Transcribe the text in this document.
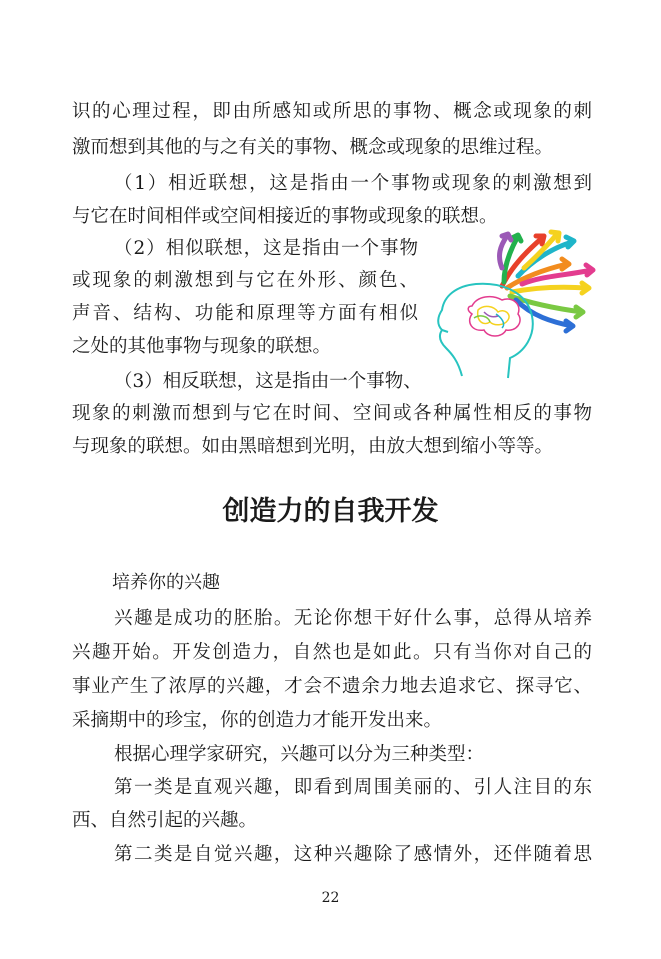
识的心理过程，即由所感知或所思的事物、概念或现象的刺
激而想到其他的与之有关的事物、概念或现象的思维过程。
（1）相近联想，这是指由一个事物或现象的刺激想到
与它在时间相伴或空间相接近的事物或现象的联想。
（2）相似联想，这是指由一个事物
或现象的刺激想到与它在外形、颜色、
声音、结构、功能和原理等方面有相似
之处的其他事物与现象的联想。
（3）相反联想，这是指由一个事物、
现象的刺激而想到与它在时间、空间或各种属性相反的事物
与现象的联想。如由黑暗想到光明，由放大想到缩小等等。
创造力的自我开发
培养你的兴趣
兴趣是成功的胚胎。无论你想干好什么事，总得从培养
兴趣开始。开发创造力，自然也是如此。只有当你对自己的
事业产生了浓厚的兴趣，才会不遗余力地去追求它、探寻它、
采摘期中的珍宝，你的创造力才能开发出来。
根据心理学家研究，兴趣可以分为三种类型：
第一类是直观兴趣，即看到周围美丽的、引人注目的东
西、自然引起的兴趣。
第二类是自觉兴趣，这种兴趣除了感情外，还伴随着思
22
